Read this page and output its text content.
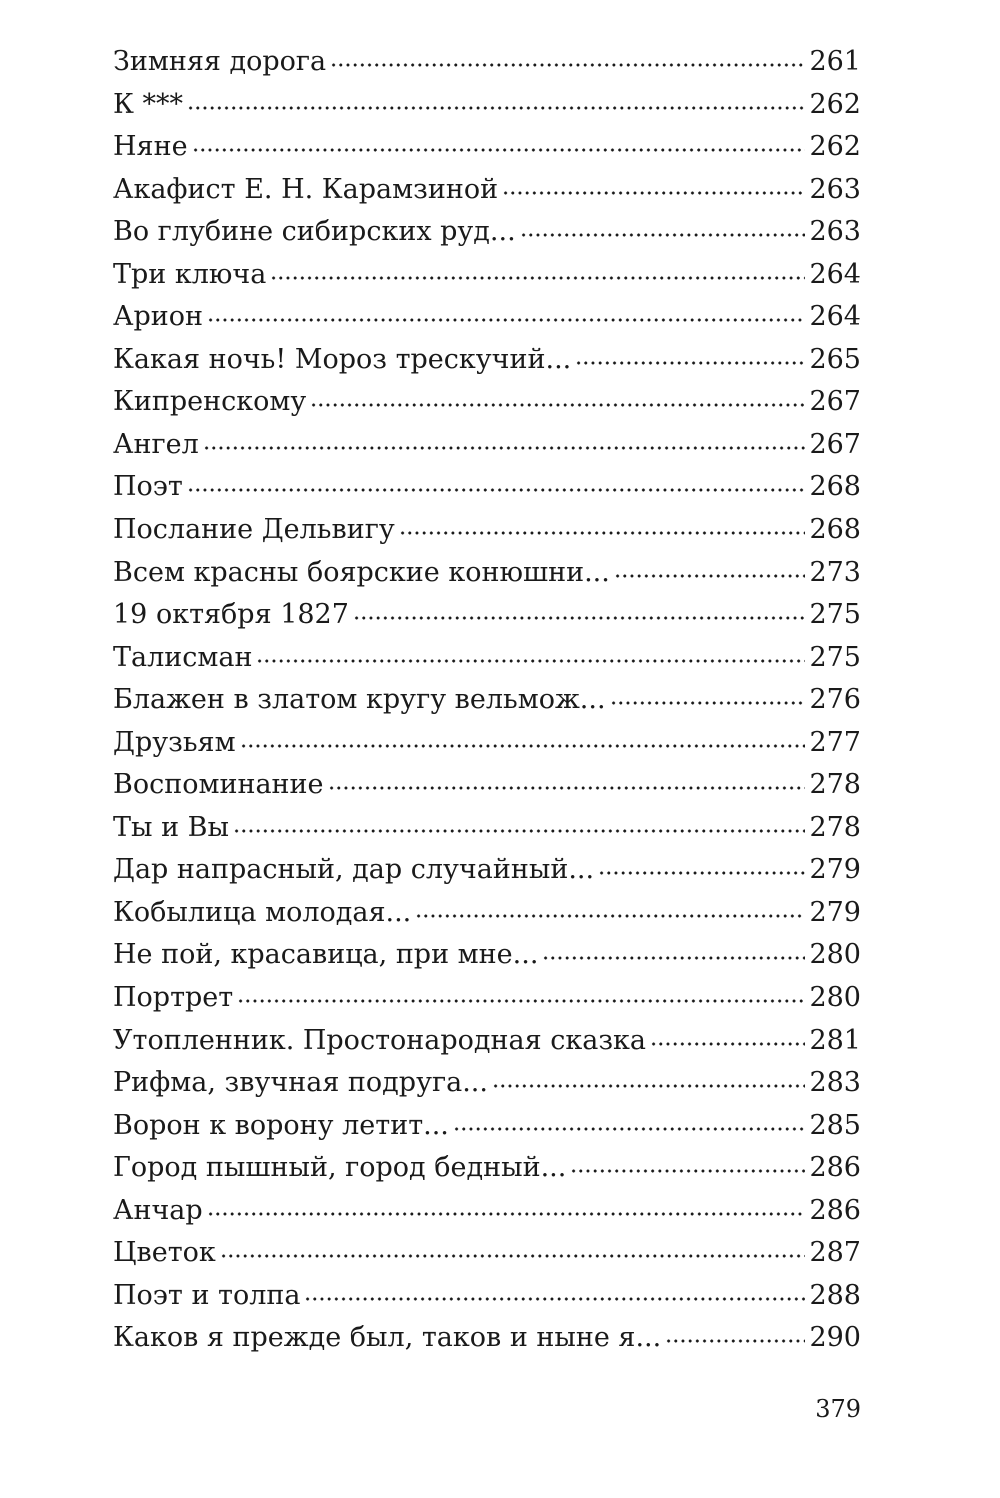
Зимняя дорога	261
К ***	262
Няне	262
Акафист Е. Н. Карамзиной	263
Во глубине сибирских руд...	263
Три ключа	264
Арион	264
Какая ночь! Мороз трескучий...	265
Кипренскому	267
Ангел	267
Поэт	268
Послание Дельвигу	268
Всем красны боярские конюшни...	273
19 октября 1827	275
Талисман	275
Блажен в златом кругу вельмож...	276
Друзьям	277
Воспоминание	278
Ты и Вы	278
Дар напрасный, дар случайный...	279
Кобылица молодая...	279
Не пой, красавица, при мне...	280
Портрет	280
Утопленник. Простонародная сказка	281
Рифма, звучная подруга...	283
Ворон к ворону летит...	285
Город пышный, город бедный...	286
Анчар	286
Цветок	287
Поэт и толпа	288
Каков я прежде был, таков и ныне я...	290
379
